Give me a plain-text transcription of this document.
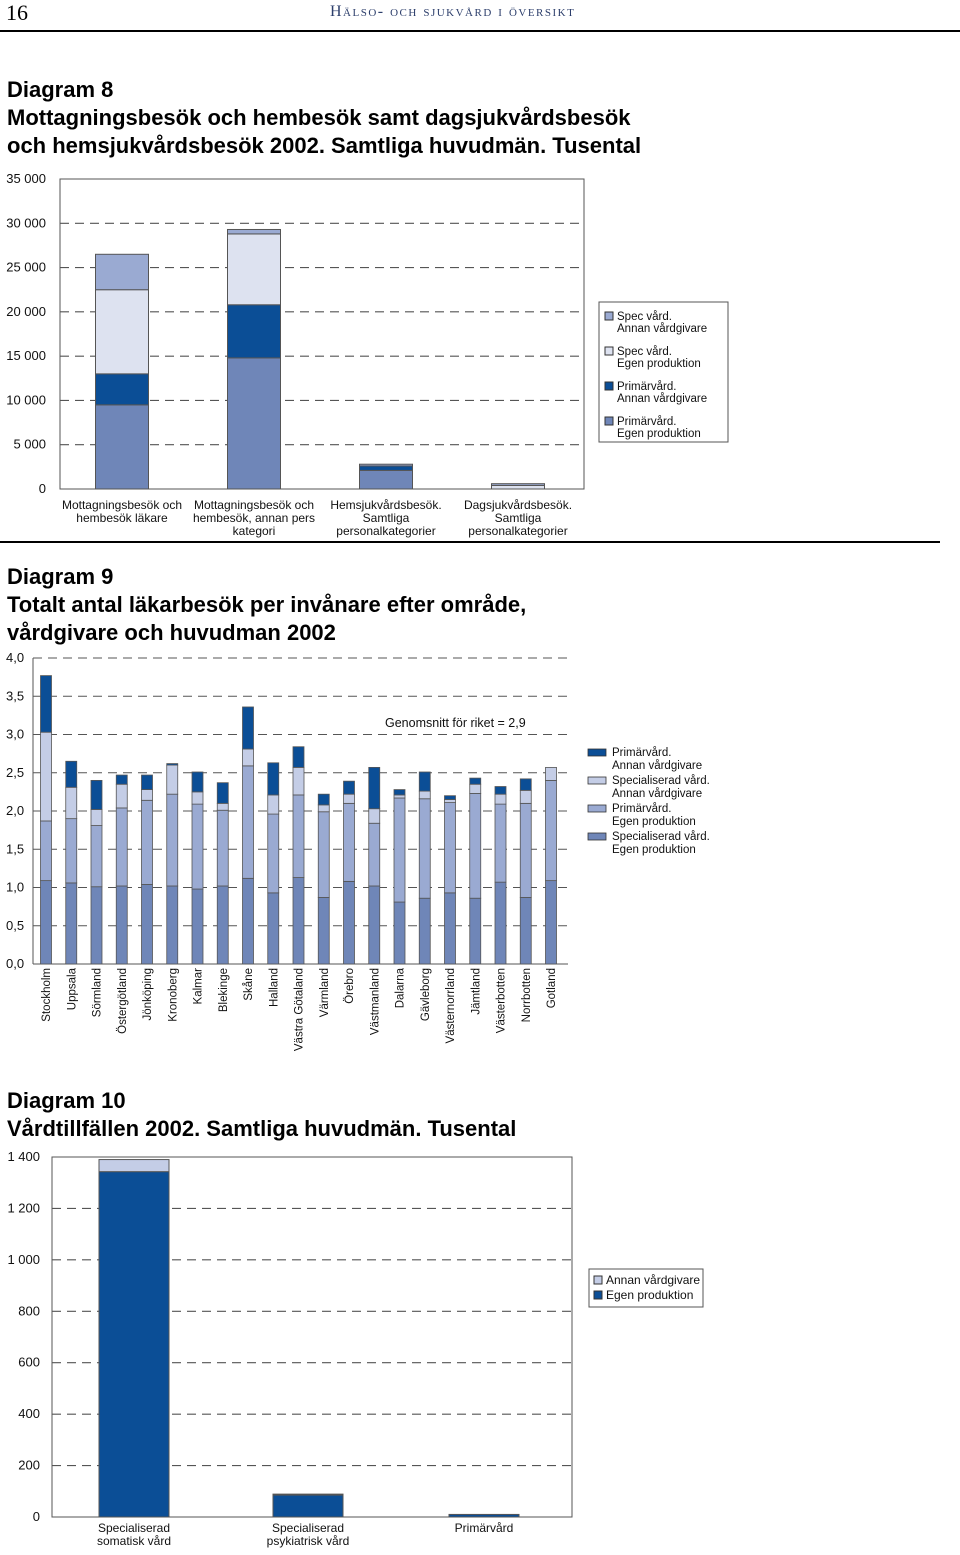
16	Hälso- och sjukvård i översikt
Diagram 8
Mottagningsbesök och hembesök samt dagsjukvårdsbesök
och hemsjukvårdsbesök 2002. Samtliga huvudmän. Tusental
0
5 000
10 000
15 000
20 000
25 000
30 000
35 000
Mottagningsbesök och
hembesök läkare
Mottagningsbesök och
hembesök, annan pers
kategori
Hemsjukvårdsbesök.
Samtliga
personalkategorier
Dagsjukvårdsbesök.
Samtliga
personalkategorier
Spec vård.
Annan vårdgivare
Spec vård.
Egen produktion
Primärvård.
Annan vårdgivare
Primärvård.
Egen produktion
Diagram 9
Totalt antal läkarbesök per invånare efter område,
vårdgivare och huvudman 2002
0,0
0,5
1,0
1,5
2,0
2,5
3,0
3,5
4,0
Genomsnitt för riket = 2,9
Stockholm Uppsala Sörmland Östergötland Jönköping Kronoberg Kalmar Blekinge Skåne Halland Västra Götaland Värmland Örebro Västmanland Dalarna Gävleborg Västernorrland Jämtland Västerbotten Norrbotten Gotland
Primärvård.
Annan vårdgivare
Specialiserad vård.
Annan vårdgivare
Primärvård.
Egen produktion
Specialiserad vård.
Egen produktion
Diagram 10
Vårdtillfällen 2002. Samtliga huvudmän. Tusental
0
200
400
600
800
1 000
1 200
1 400
Specialiserad
somatisk vård
Specialiserad
psykiatrisk vård
Primärvård
Annan vårdgivare
Egen produktion
